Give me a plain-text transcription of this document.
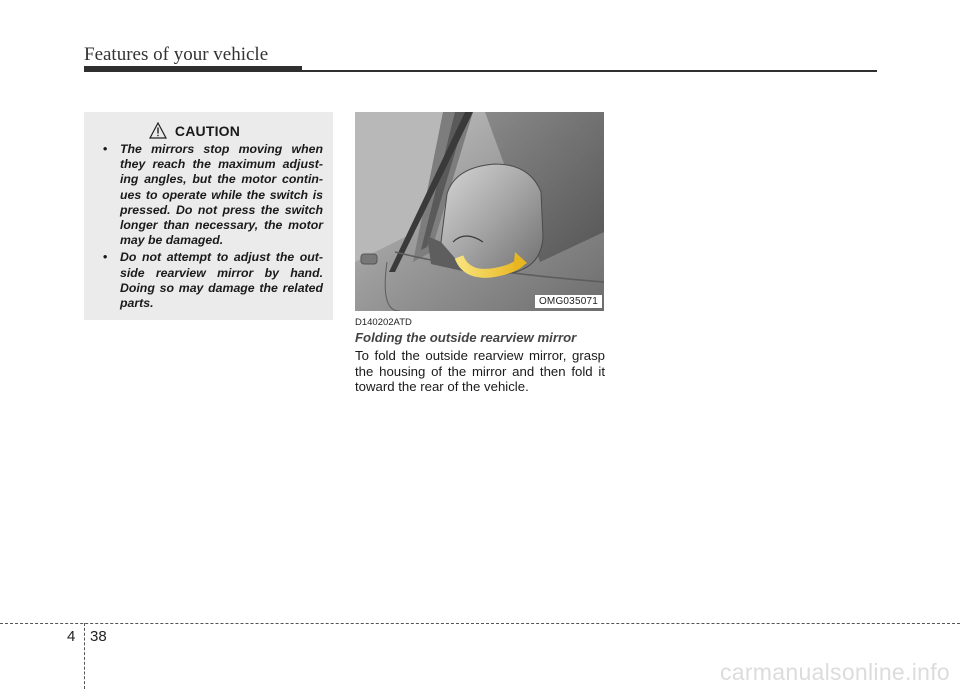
Features of your vehicle
CAUTION
• The mirrors stop moving when they reach the maximum adjust-ing angles, but the motor contin-ues to operate while the switch is pressed. Do not press the switch longer than necessary, the motor may be damaged.
• Do not attempt to adjust the out-side rearview mirror by hand. Doing so may damage the related parts.	OMG035071
D140202ATD
Folding the outside rearview mirror

To fold the outside rearview mirror, grasp the housing of the mirror and then fold it toward the rear of the vehicle.

4 38
carmanualsonline.info
